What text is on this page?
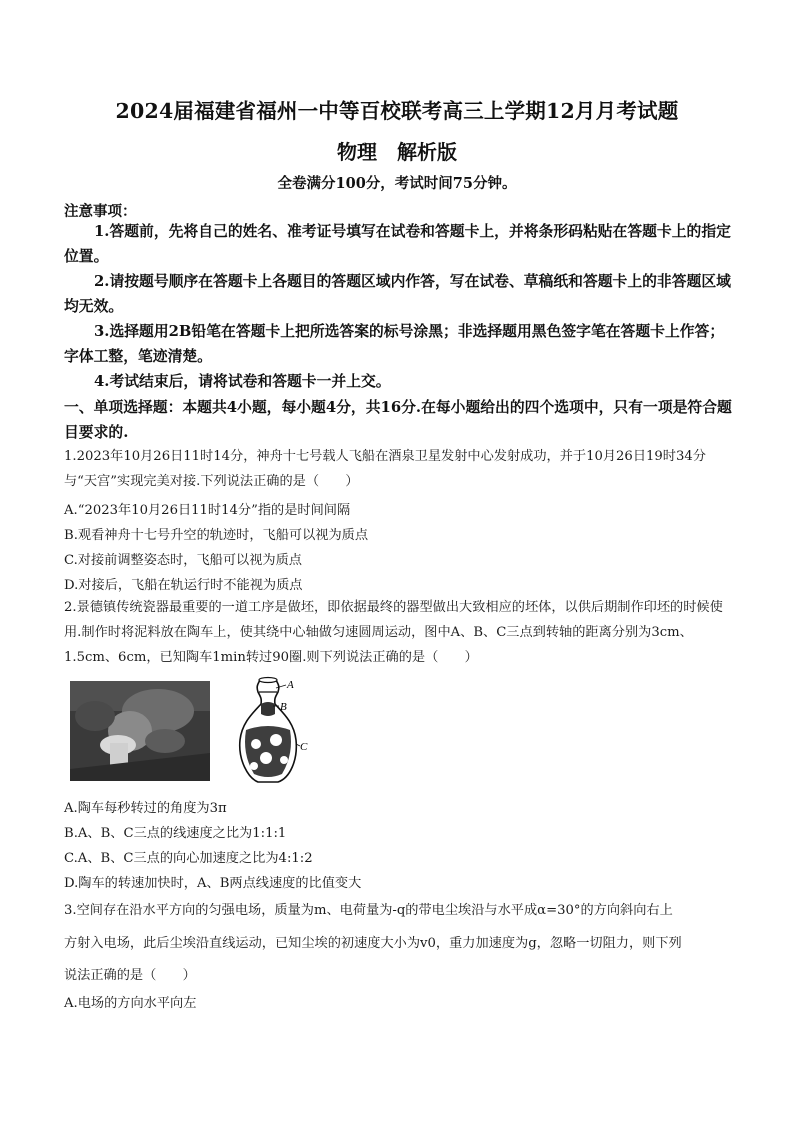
2024届福建省福州一中等百校联考高三上学期12月月考试题
物理 解析版
全卷满分100分，考试时间75分钟。
注意事项：
1.答题前，先将自己的姓名、准考证号填写在试卷和答题卡上，并将条形码粘贴在答题卡上的指定位置。
2.请按题号顺序在答题卡上各题目的答题区域内作答，写在试卷、草稿纸和答题卡上的非答题区域均无效。
3.选择题用2B铅笔在答题卡上把所选答案的标号涂黑；非选择题用黑色签字笔在答题卡上作答；字体工整，笔迹清楚。
4.考试结束后，请将试卷和答题卡一并上交。
一、单项选择题：本题共4小题，每小题4分，共16分.在每小题给出的四个选项中，只有一项是符合题目要求的.
1.2023年10月26日11时14分，神舟十七号载人飞船在酒泉卫星发射中心发射成功，并于10月26日19时34分与“天宫”实现完美对接.下列说法正确的是（　　）
A.“2023年10月26日11时14分”指的是时间间隔
B.观看神舟十七号升空的轨迹时，飞船可以视为质点
C.对接前调整姿态时，飞船可以视为质点
D.对接后，飞船在轨运行时不能视为质点
2.景德镇传统瓷器最重要的一道工序是做坯，即依据最终的器型做出大致相应的坯体，以供后期制作印坯的时候使用.制作时将泥料放在陶车上，使其绕中心轴做匀速圆周运动，图中A、B、C三点到转轴的距离分别为3cm、1.5cm、6cm，已知陶车1min转过90圈.则下列说法正确的是（　　）
A
B
C
A.陶车每秒转过的角度为3π
B.A、B、C三点的线速度之比为1:1:1
C.A、B、C三点的向心加速度之比为4:1:2
D.陶车的转速加快时，A、B两点线速度的比值变大
3.空间存在沿水平方向的匀强电场，质量为m、电荷量为-q的带电尘埃沿与水平成α=30°的方向斜向右上
方射入电场，此后尘埃沿直线运动，已知尘埃的初速度大小为v0，重力加速度为g，忽略一切阻力，则下列
说法正确的是（　　）
A.电场的方向水平向左
